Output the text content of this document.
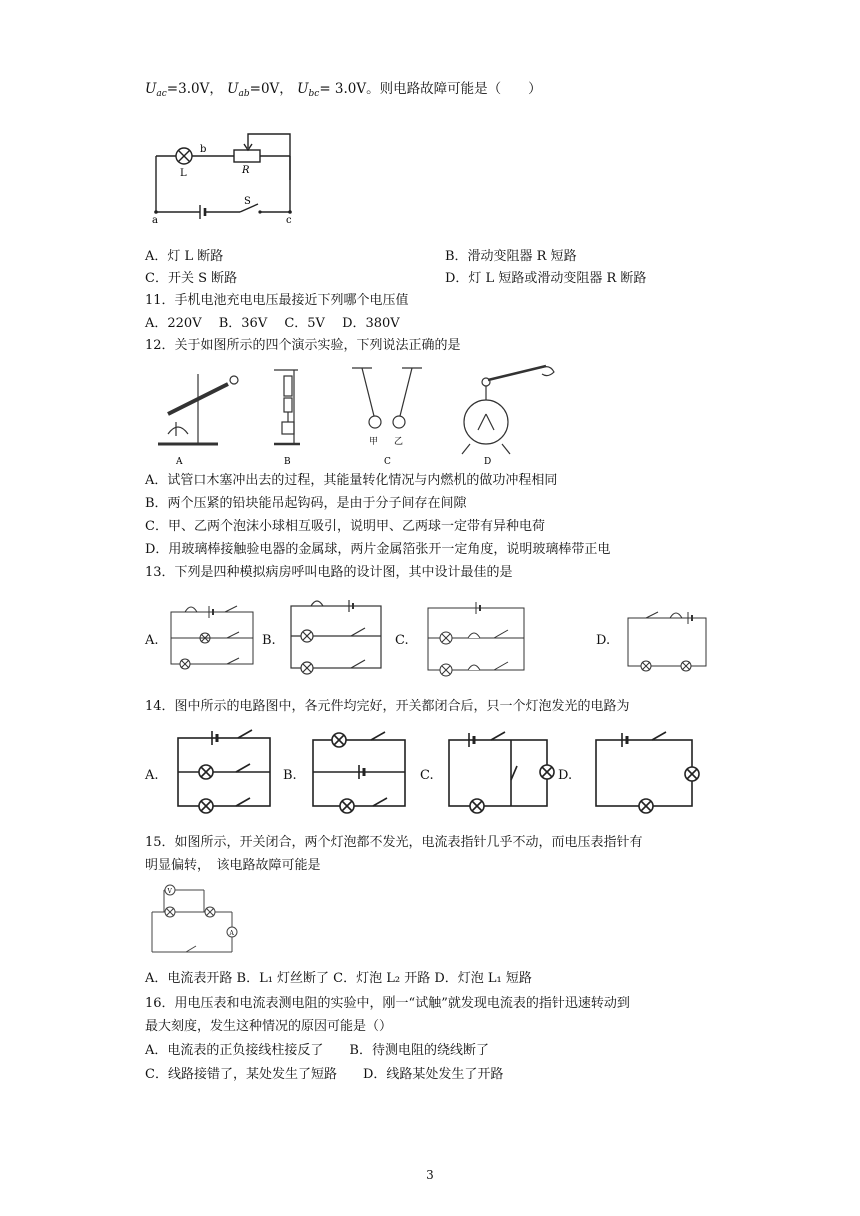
$U_{ac}=3.0V$， $U_{ab}=0V$， $U_{bc}= 3.0V$。则电路故障可能是（　　）
L
b
R
S
a	c
A．灯 L 断路	B．滑动变阻器 R 短路
C．开关 S 断路	D．灯 L 短路或滑动变阻器 R 断路
11．手机电池充电电压最接近下列哪个电压值
A．220V　 B．36V　 C．5V　 D．380V
12．关于如图所示的四个演示实验，下列说法正确的是
A	B
甲 乙
C	D
A．试管口木塞冲出去的过程，其能量转化情况与内燃机的做功冲程相同
B．两个压紧的铅块能吊起钩码，是由于分子间存在间隙
C．甲、乙两个泡沫小球相互吸引，说明甲、乙两球一定带有异种电荷
D．用玻璃棒接触验电器的金属球，两片金属箔张开一定角度，说明玻璃棒带正电
13．下列是四种模拟病房呼叫电路的设计图，其中设计最佳的是
A.	B.	C.	D.
14．图中所示的电路图中，各元件均完好，开关都闭合后，只一个灯泡发光的电路为
A.	B.	C.	D.
15．如图所示，开关闭合，两个灯泡都不发光，电流表指针几乎不动，而电压表指针有
明显偏转，　该电路故障可能是
V
A
A．电流表开路 B．L₁ 灯丝断了 C．灯泡 L₂ 开路 D．灯泡 L₁ 短路
16．用电压表和电流表测电阻的实验中，刚一“试触”就发现电流表的指针迅速转动到
最大刻度，发生这种情况的原因可能是（）
A．电流表的正负接线柱接反了　　B．待测电阻的绕线断了
C．线路接错了，某处发生了短路　　D．线路某处发生了开路
3
